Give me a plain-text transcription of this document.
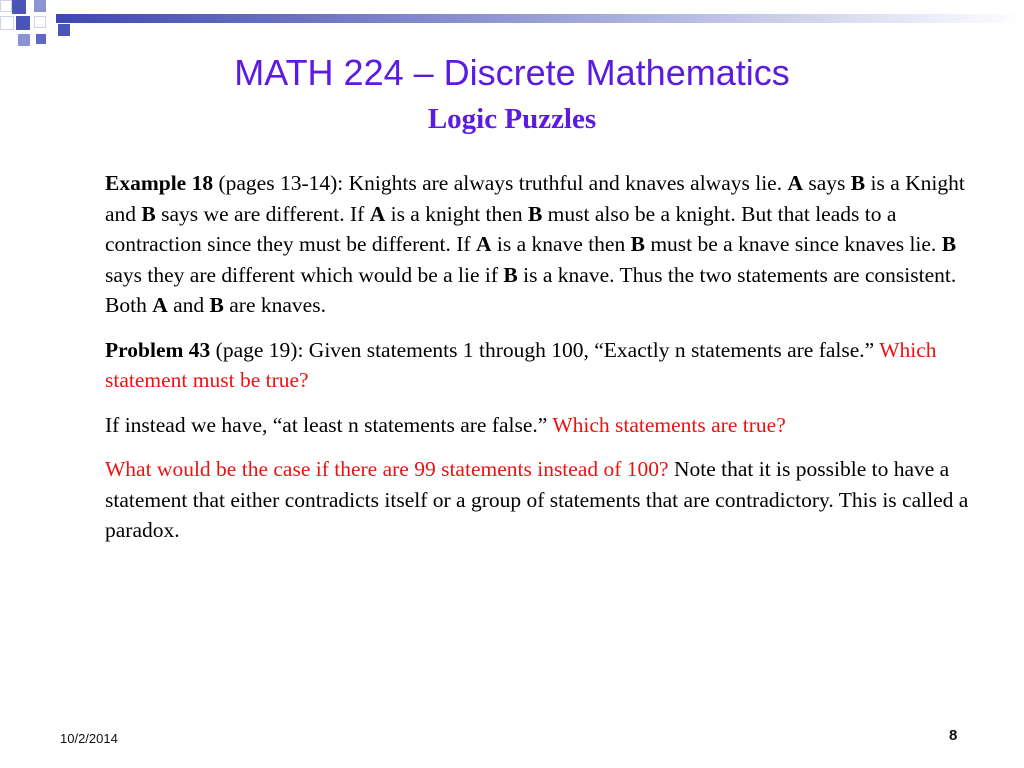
MATH 224 – Discrete Mathematics
Logic Puzzles

Example 18 (pages 13-14): Knights are always truthful and knaves always lie. A says B is a Knight and B says we are different. If A is a knight then B must also be a knight. But that leads to a contraction since they must be different. If A is a knave then B must be a knave since knaves lie. B says they are different which would be a lie if B is a knave. Thus the two statements are consistent. Both A and B are knaves.

Problem 43 (page 19): Given statements 1 through 100, “Exactly n statements are false.” Which statement must be true?

If instead we have, “at least n statements are false.” Which statements are true?

What would be the case if there are 99 statements instead of 100? Note that it is possible to have a statement that either contradicts itself or a group of statements that are contradictory. This is called a paradox.

10/2/2014	8
